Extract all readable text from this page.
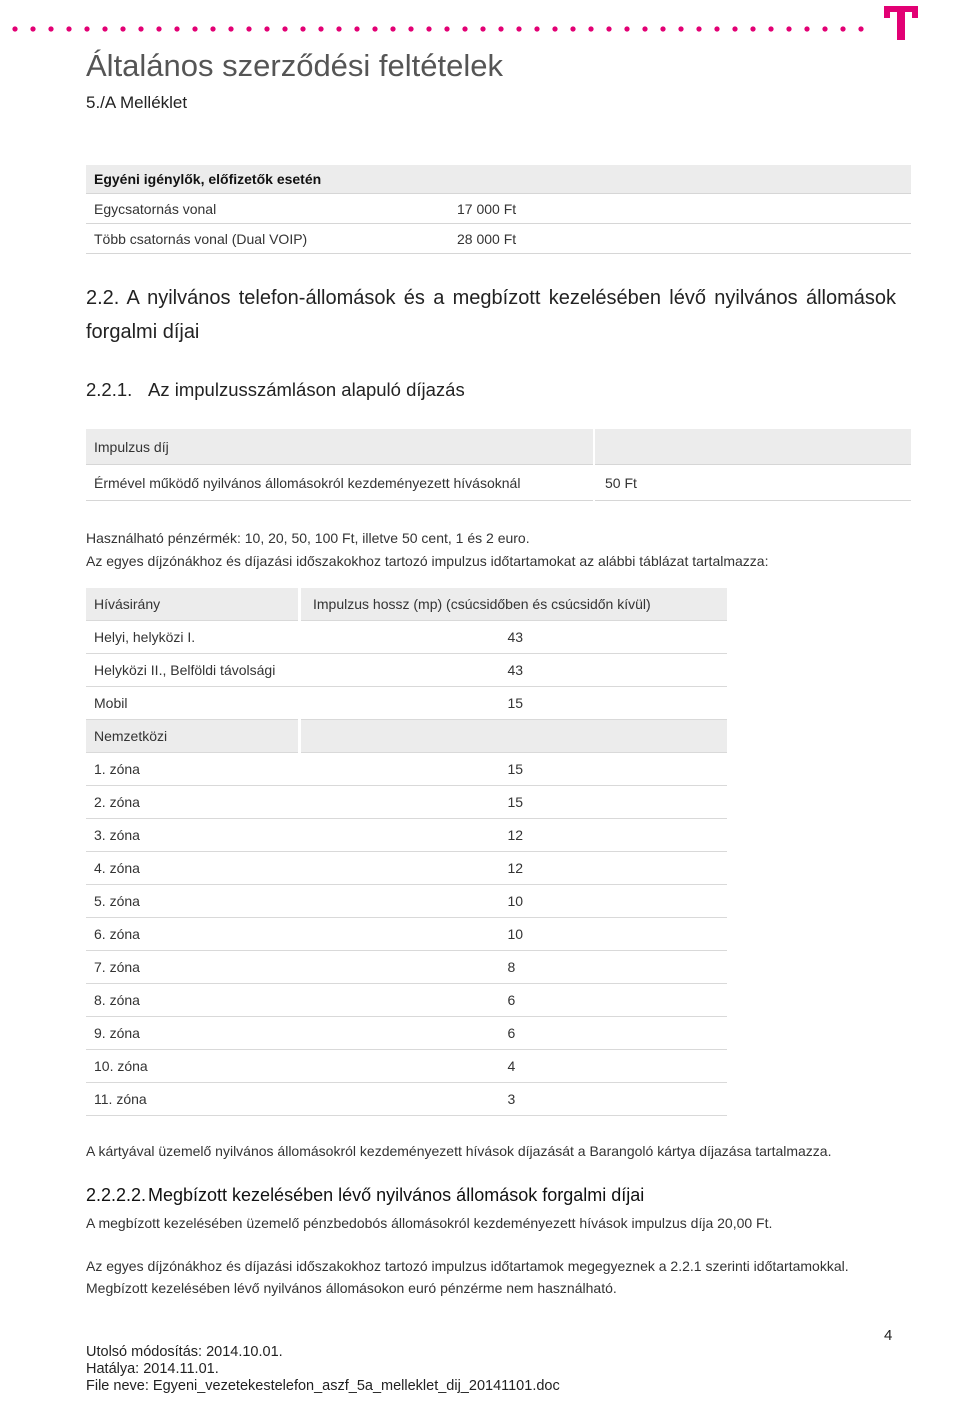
Általános szerződési feltételek
5./A Melléklet
Egyéni igénylők, előfizetők esetén	
Egycsatornás vonal	17 000 Ft
Több csatornás vonal (Dual VOIP)	28 000 Ft
2.2. A nyilvános telefon-állomások és a megbízott kezelésében lévő nyilvános állomások forgalmi díjai
2.2.1. Az impulzusszámláson alapuló díjazás
Impulzus díj	
Érmével működő nyilvános állomásokról kezdeményezett hívásoknál	50 Ft

Használható pénzérmék: 10, 20, 50, 100 Ft, illetve 50 cent, 1 és 2 euro.

Az egyes díjzónákhoz és díjazási időszakokhoz tartozó impulzus időtartamokat az alábbi táblázat tartalmazza:

Hívásirány	Impulzus hossz (mp) (csúcsidőben és csúcsidőn kívül)
Helyi, helyközi I.	43
Helyközi II., Belföldi távolsági	43
Mobil	15
Nemzetközi	
1. zóna	15
2. zóna	15
3. zóna	12
4. zóna	12
5. zóna	10
6. zóna	10
7. zóna	8
8. zóna	6
9. zóna	6
10. zóna	4
11. zóna	3

A kártyával üzemelő nyilvános állomásokról kezdeményezett hívások díjazását a Barangoló kártya díjazása tartalmazza.

2.2.2.2. Megbízott kezelésében lévő nyilvános állomások forgalmi díjai

A megbízott kezelésében üzemelő pénzbedobós állomásokról kezdeményezett hívások impulzus díja 20,00 Ft.

Az egyes díjzónákhoz és díjazási időszakokhoz tartozó impulzus időtartamok megegyeznek a 2.2.1 szerinti időtartamokkal.

Megbízott kezelésében lévő nyilvános állomásokon euró pénzérme nem használható.

Utolsó módosítás: 2014.10.01.
Hatálya: 2014.11.01.
File neve: Egyeni_vezetekestelefon_aszf_5a_melleklet_dij_20141101.doc
4
